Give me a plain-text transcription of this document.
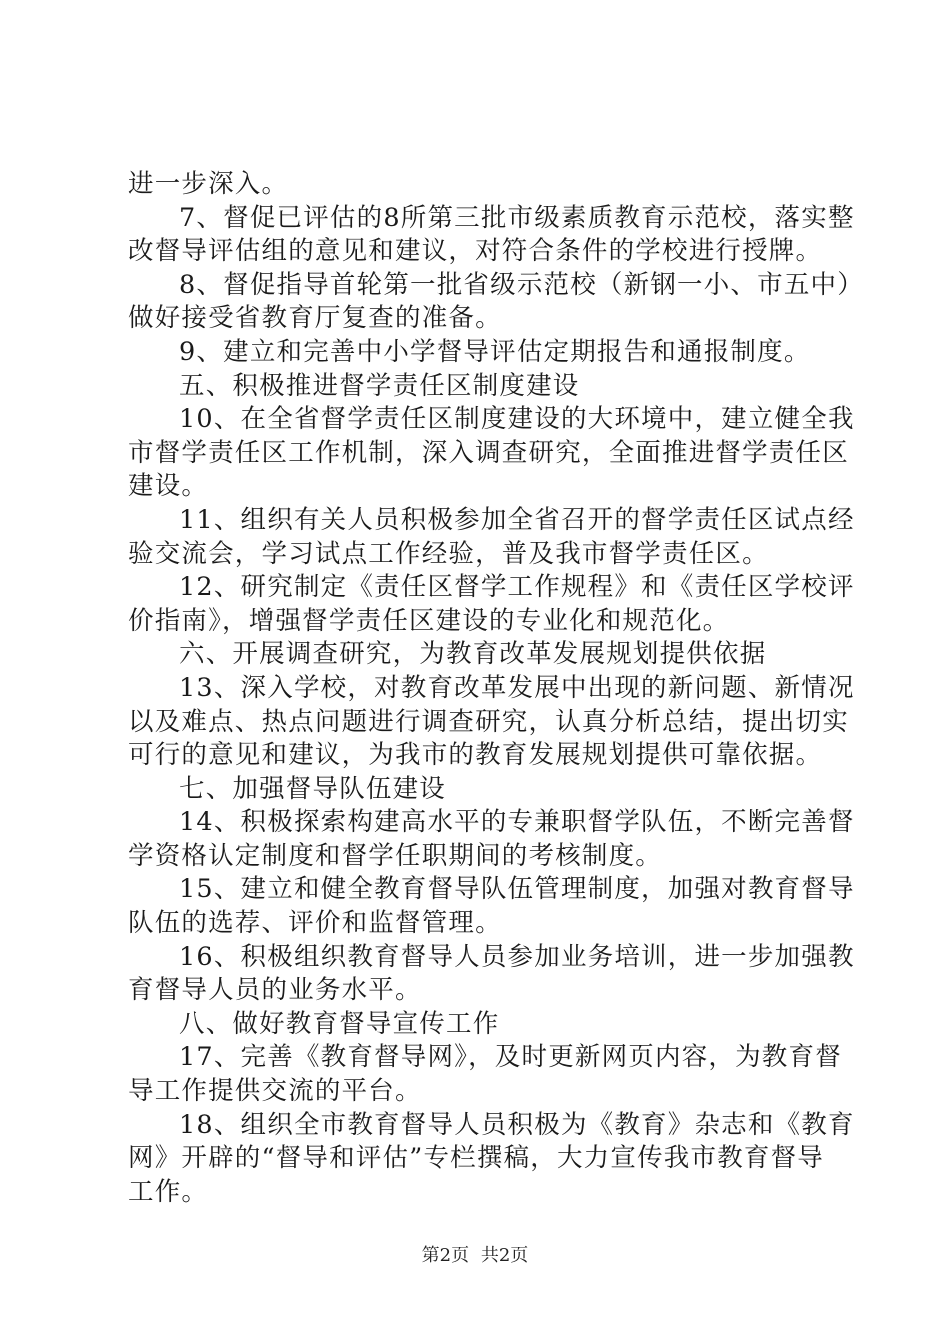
进一步深入。
7、督促已评估的8所第三批市级素质教育示范校，落实整
改督导评估组的意见和建议，对符合条件的学校进行授牌。
8、督促指导首轮第一批省级示范校（新钢一小、市五中）
做好接受省教育厅复查的准备。
9、建立和完善中小学督导评估定期报告和通报制度。
五、积极推进督学责任区制度建设
10、在全省督学责任区制度建设的大环境中，建立健全我
市督学责任区工作机制，深入调查研究，全面推进督学责任区
建设。
11、组织有关人员积极参加全省召开的督学责任区试点经
验交流会，学习试点工作经验，普及我市督学责任区。
12、研究制定《责任区督学工作规程》和《责任区学校评
价指南》，增强督学责任区建设的专业化和规范化。
六、开展调查研究，为教育改革发展规划提供依据
13、深入学校，对教育改革发展中出现的新问题、新情况
以及难点、热点问题进行调查研究，认真分析总结，提出切实
可行的意见和建议，为我市的教育发展规划提供可靠依据。
七、加强督导队伍建设
14、积极探索构建高水平的专兼职督学队伍，不断完善督
学资格认定制度和督学任职期间的考核制度。
15、建立和健全教育督导队伍管理制度，加强对教育督导
队伍的选荐、评价和监督管理。
16、积极组织教育督导人员参加业务培训，进一步加强教
育督导人员的业务水平。
八、做好教育督导宣传工作
17、完善《教育督导网》，及时更新网页内容，为教育督
导工作提供交流的平台。
18、组织全市教育督导人员积极为《教育》杂志和《教育
网》开辟的“督导和评估”专栏撰稿，大力宣传我市教育督导
工作。
第2页 共2页
